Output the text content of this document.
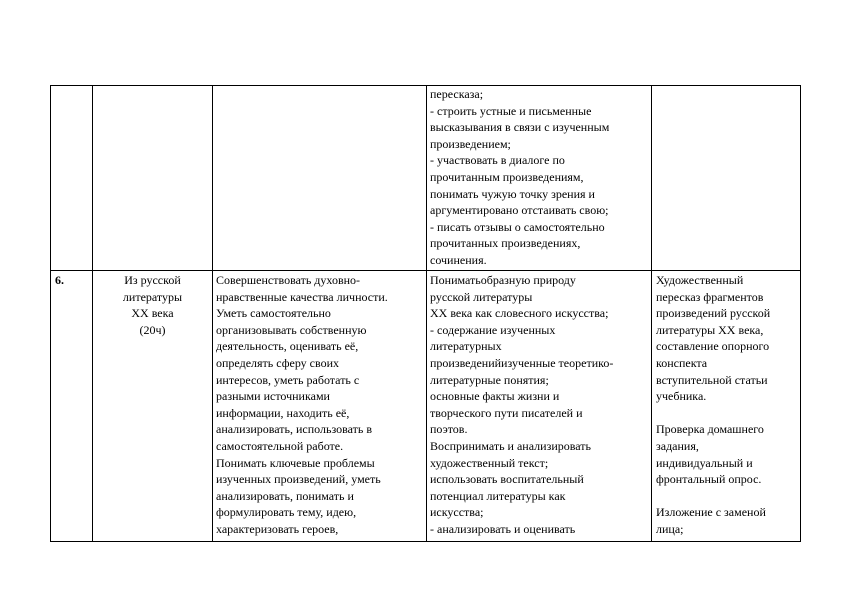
пересказа;
- строить устные и письменные
высказывания в связи с изученным
произведением;
- участвовать в диалоге по
прочитанным произведениям,
понимать чужую точку зрения и
аргументировано отстаивать свою;
- писать отзывы о самостоятельно
прочитанных произведениях,
сочинения.
6.	Из русской
литературы
XX века
(20ч)
Совершенствовать духовно-
нравственные качества личности.
Уметь самостоятельно
организовывать собственную
деятельность, оценивать её,
определять сферу своих
интересов, уметь работать с
разными источниками
информации, находить её,
анализировать, использовать в
самостоятельной работе.
Понимать ключевые проблемы
изученных произведений, уметь
анализировать, понимать и
формулировать тему, идею,
характеризовать героев,
Пониматьобразную природу
русской литературы
XX века как словесного искусства;
- содержание изученных
литературных
произведенийизученные теоретико-
литературные понятия;
основные факты жизни и
творческого пути писателей и
поэтов.
Воспринимать и анализировать
художественный текст;
использовать воспитательный
потенциал литературы как
искусства;
- анализировать и оценивать
Художественный
пересказ фрагментов
произведений русской
литературы XX века,
составление опорного
конспекта
вступительной статьи
учебника.

Проверка домашнего
задания,
индивидуальный и
фронтальный опрос.

Изложение с заменой
лица;
